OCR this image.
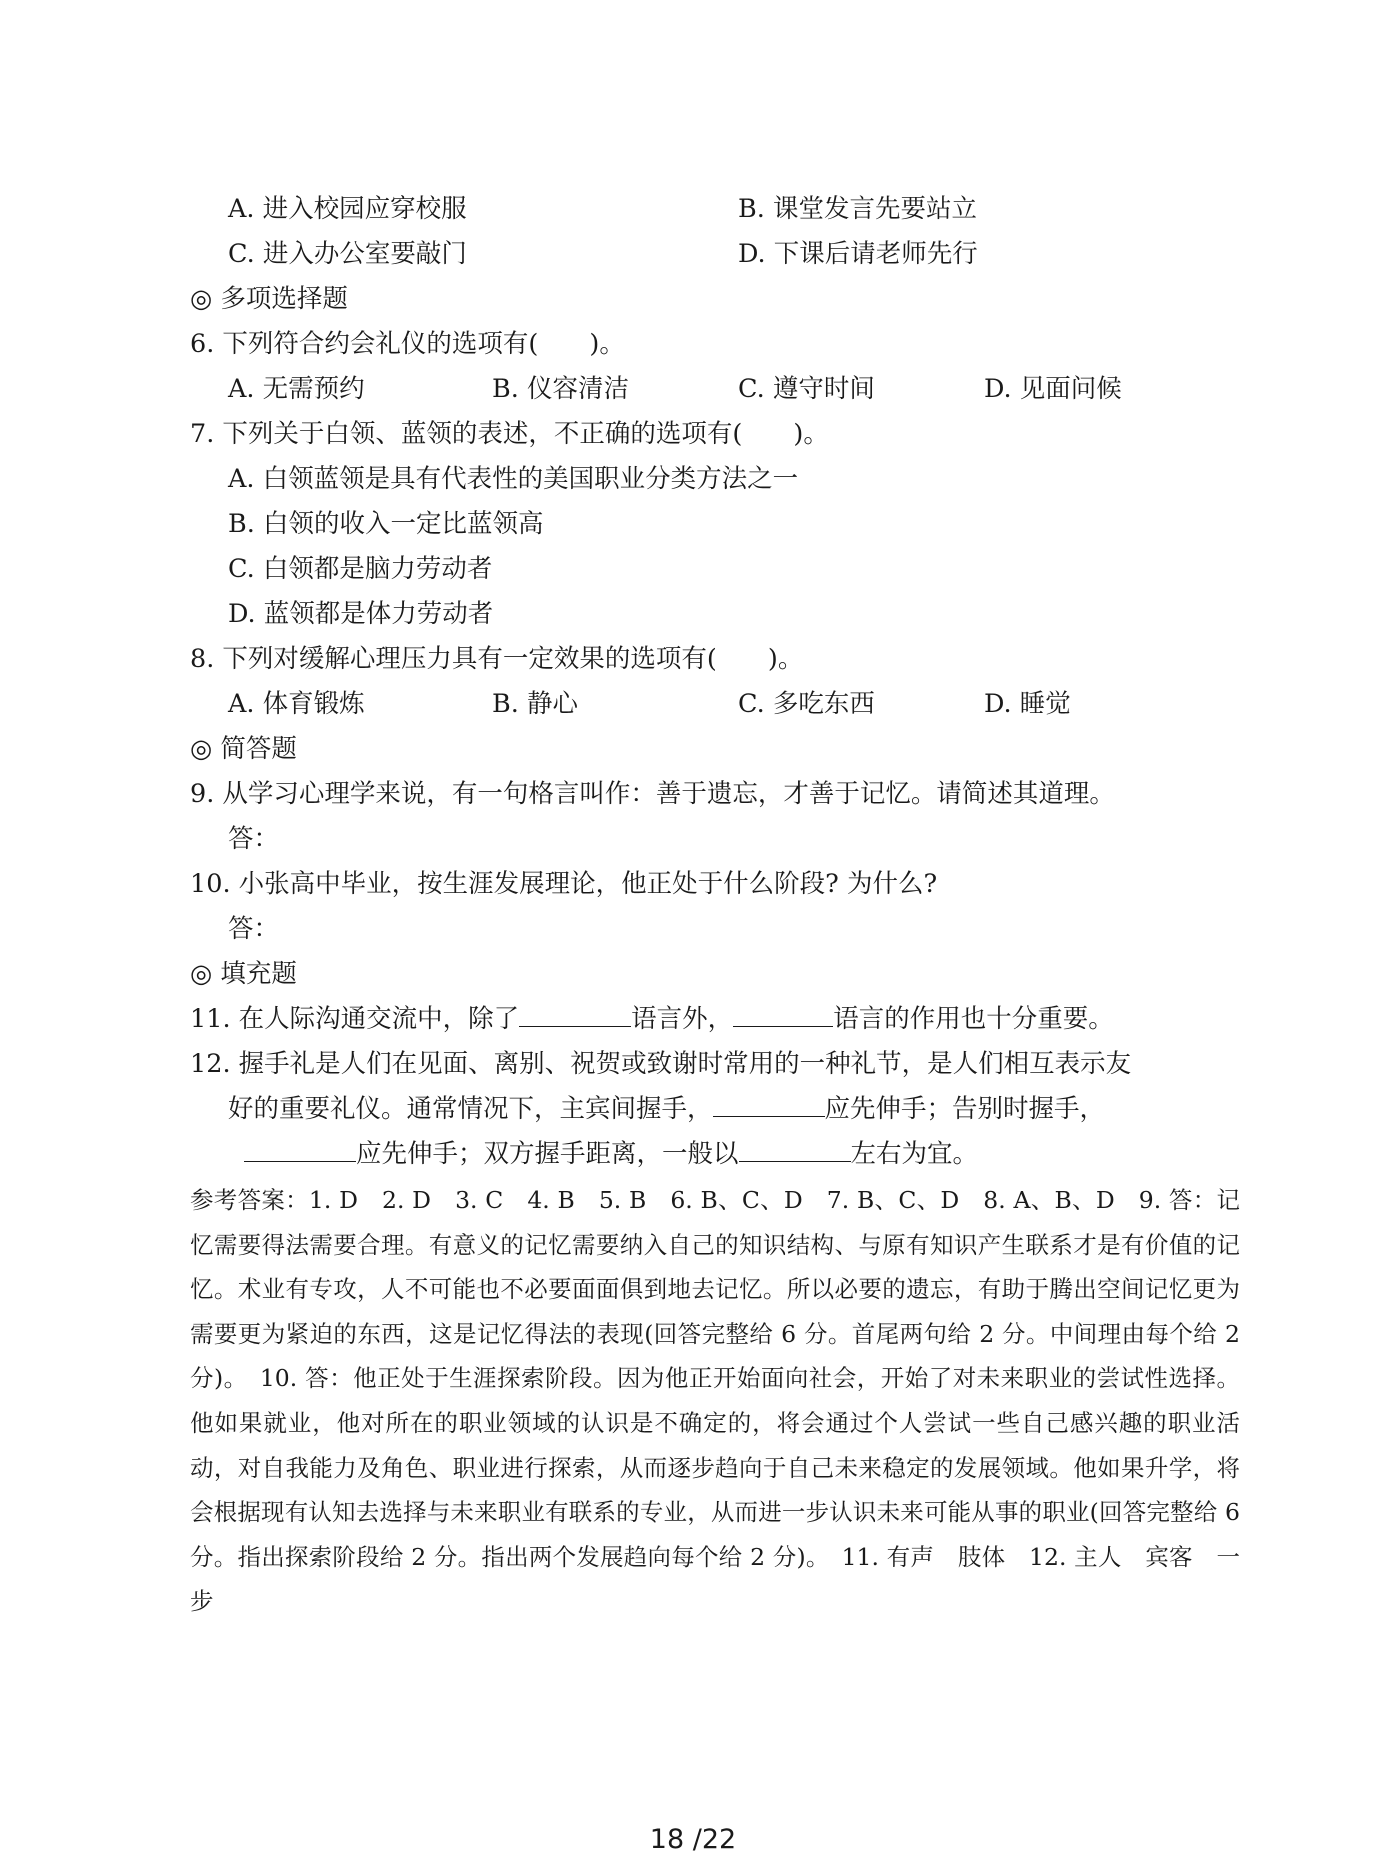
A. 进入校园应穿校服	B. 课堂发言先要站立
C. 进入办公室要敲门	D. 下课后请老师先行
◎ 多项选择题
6. 下列符合约会礼仪的选项有(　　)。
A. 无需预约	B. 仪容清洁	C. 遵守时间	D. 见面问候
7. 下列关于白领、蓝领的表述，不正确的选项有(　　)。
A. 白领蓝领是具有代表性的美国职业分类方法之一
B. 白领的收入一定比蓝领高
C. 白领都是脑力劳动者
D. 蓝领都是体力劳动者
8. 下列对缓解心理压力具有一定效果的选项有(　　)。
A. 体育锻炼	B. 静心	C. 多吃东西	D. 睡觉
◎ 简答题
9. 从学习心理学来说，有一句格言叫作：善于遗忘，才善于记忆。请简述其道理。
答：
10. 小张高中毕业，按生涯发展理论，他正处于什么阶段? 为什么?
答：
◎ 填充题
11. 在人际沟通交流中，除了	语言外，	语言的作用也十分重要。
12. 握手礼是人们在见面、离别、祝贺或致谢时常用的一种礼节，是人们相互表示友
好的重要礼仪。通常情况下，主宾间握手，	应先伸手；告别时握手，
应先伸手；双方握手距离，一般以	左右为宜。

参考答案：1. D　2. D　3. C　4. B　5. B　6. B、C、D　7. B、C、D　8. A、B、D　9. 答：记忆需要得法需要合理。有意义的记忆需要纳入自己的知识结构、与原有知识产生联系才是有价值的记忆。术业有专攻，人不可能也不必要面面俱到地去记忆。所以必要的遗忘，有助于腾出空间记忆更为需要更为紧迫的东西，这是记忆得法的表现(回答完整给 6 分。首尾两句给 2 分。中间理由每个给 2 分)。　10. 答：他正处于生涯探索阶段。因为他正开始面向社会，开始了对未来职业的尝试性选择。他如果就业，他对所在的职业领域的认识是不确定的，将会通过个人尝试一些自己感兴趣的职业活动，对自我能力及角色、职业进行探索，从而逐步趋向于自己未来稳定的发展领域。他如果升学，将会根据现有认知去选择与未来职业有联系的专业，从而进一步认识未来可能从事的职业(回答完整给 6 分。指出探索阶段给 2 分。指出两个发展趋向每个给 2 分)。　11. 有声　肢体　12. 主人　宾客　一步

18 /22
